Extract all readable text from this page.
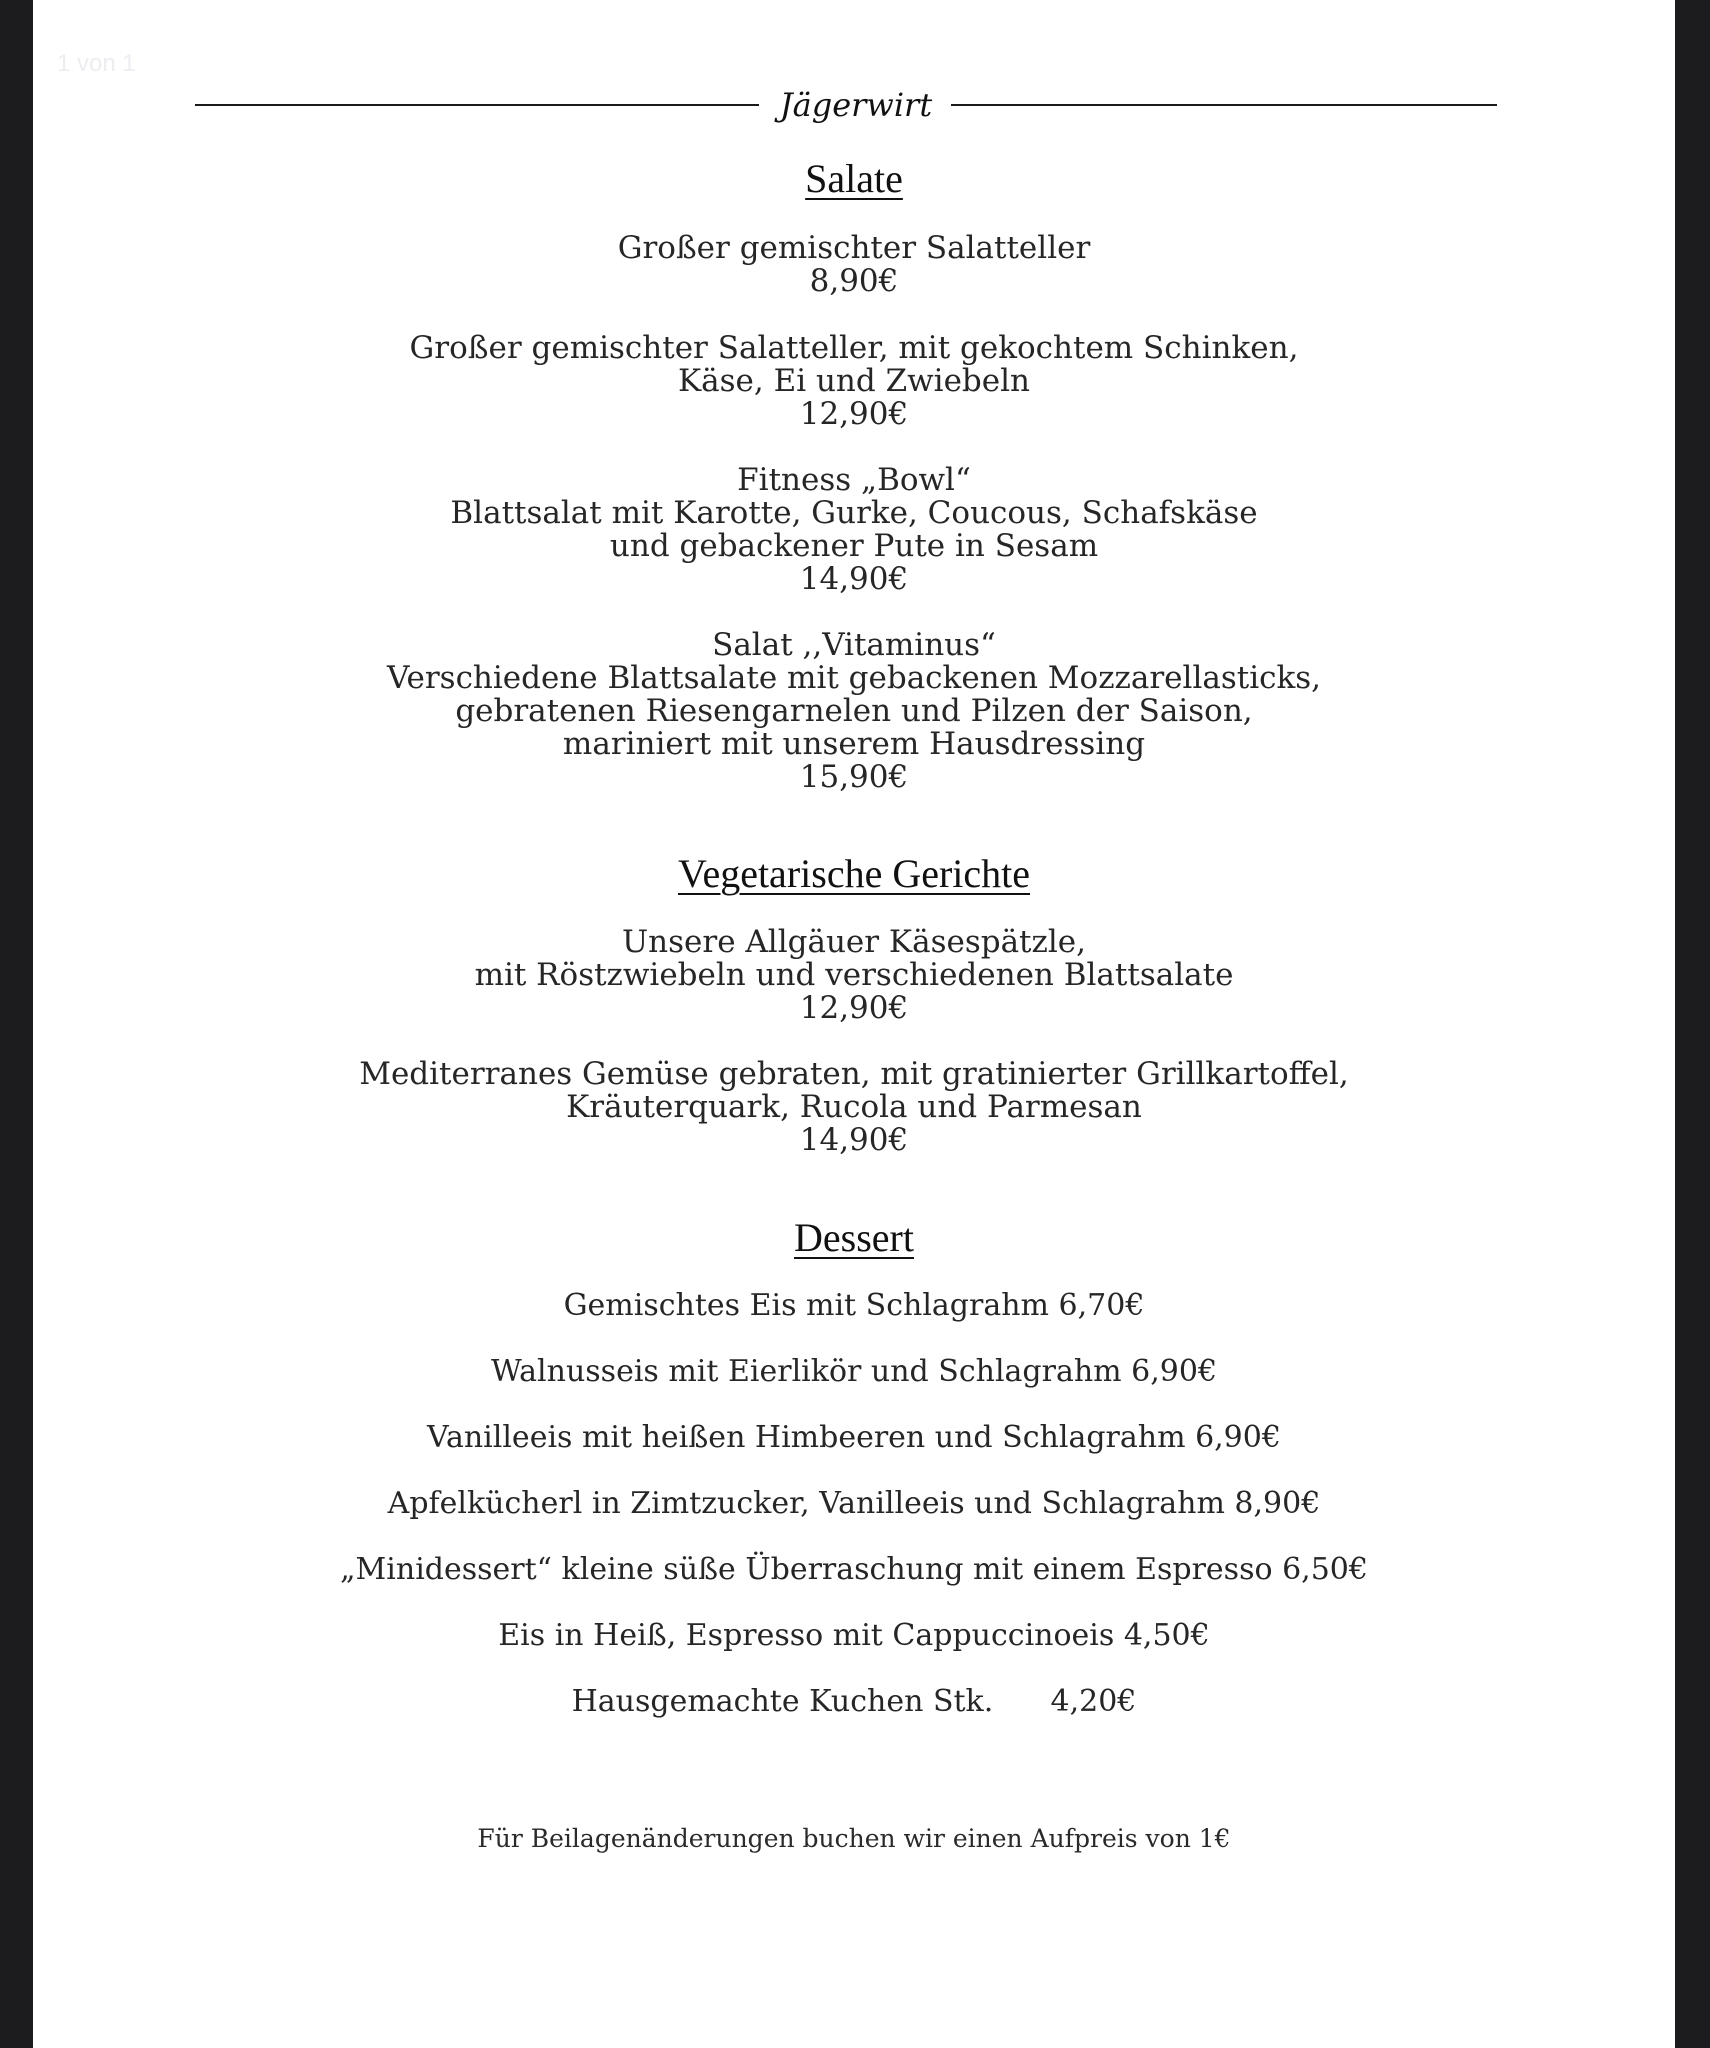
1 von 1
Jägerwirt
Salate
Großer gemischter Salatteller
8,90€
Großer gemischter Salatteller, mit gekochtem Schinken,
Käse, Ei und Zwiebeln
12,90€
Fitness „Bowl“
Blattsalat mit Karotte, Gurke, Coucous, Schafskäse
und gebackener Pute in Sesam
14,90€
Salat ,,Vitaminus“
Verschiedene Blattsalate mit gebackenen Mozzarellasticks,
gebratenen Riesengarnelen und Pilzen der Saison,
mariniert mit unserem Hausdressing
15,90€
Vegetarische Gerichte
Unsere Allgäuer Käsespätzle,
mit Röstzwiebeln und verschiedenen Blattsalate
12,90€
Mediterranes Gemüse gebraten, mit gratinierter Grillkartoffel,
Kräuterquark, Rucola und Parmesan
14,90€
Dessert
Gemischtes Eis mit Schlagrahm 6,70€
Walnusseis mit Eierlikör und Schlagrahm 6,90€
Vanilleeis mit heißen Himbeeren und Schlagrahm 6,90€
Apfelkücherl in Zimtzucker, Vanilleeis und Schlagrahm 8,90€
„Minidessert“ kleine süße Überraschung mit einem Espresso 6,50€
Eis in Heiß, Espresso mit Cappuccinoeis 4,50€
Hausgemachte Kuchen Stk.      4,20€
Für Beilagenänderungen buchen wir einen Aufpreis von 1€
